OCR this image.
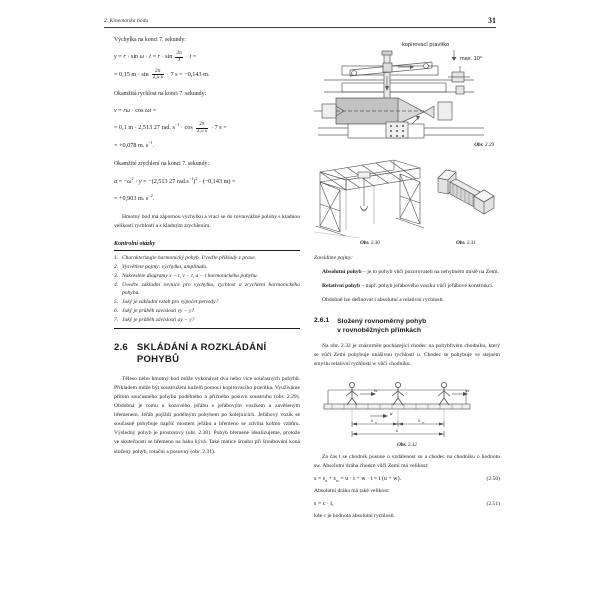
2. Kinematika bodu	31

Výchylka na konci 7. sekundy:

$y = r \cdot \sin \omega \cdot t = r \cdot \sin \frac{2\pi}{T} \cdot t$ =
= 0,15 $m \cdot \sin \frac{2\pi}{2,5 s} \cdot 7$ s = −0,143 m.

Okamžitá rychlost na konci 7. sekundy:

v = rω · cos ωt =
= 0,1 m · 2,513 27 rad. $s^{-1} \cdot \cos \frac{2\pi}{2,5 s} \cdot 7$ s =
= +0,078 m. $s^{-1}$.

Okamžité zrychlení na konci 7. sekundy:

$a = -\omega^2 \cdot y = -(2,513$ 27 $rad.s^{-1})^2 \cdot (-0,143$ m) =
= +0,903 m. $s^{-2}$.

Hmotný bod má zápornou výchylku a vrací se do rovnovážné polohy s kladnou velikostí rychlosti a s kladným zrychlením.

Kontrolní otázky
1. Charakterizujte harmonický pohyb. Uveďte příklady z praxe.
2. Vysvětlete pojmy: výchylka, amplituda.
3. Nakreslete diagramy x − t, v − t, a − t harmonického pohybu.
4. Uveďte základní rovnice pro výchylku, rychlost a zrychlení harmonického pohybu.
5. Jaký je základní vztah pro výpočet periody?
6. Jaký je průběh závislosti vy − y?
7. Jaký je průběh závislosti ay − y?
2.6 SKLÁDÁNÍ A ROZKLÁDÁNÍ POHYBŮ

Těleso nebo hmotný bod může vykonávat dva nebo více současných pohybů. Příkladem může být soustružení kuželů pomocí kopírovacího pravítka. Využíváme přitom současného pohybu podélného a příčného posuvu soustruhu (obr. 2.29). Obdobná je tomu u kozového jeřábu s jeřábovým vozíkem a zavěšeným břemenem. Jeřáb pojíždí podélným pohybem po kolejnicích. Jeřábový vozík se současně pohybuje napříč mostem jeřábu a břemeno se zdvihá kolmo vzhůru. Výsledný pohyb je prostorový (obr. 2.30). Pohyb břemene idealizujeme, protože ve skutečnosti se břemeno na háku kývá. Také matice šroubu při šroubování koná složený pohyb, rotační a posuvný (obr. 2.31).

kopírovací pravítko
max. 10°
Obr. 2.29
Obr. 2.30	Obr. 2.31

Zavádíme pojmy:

Absolutní pohyb – je to pohyb vůči pozorovateli na nehybném místě na Zemi.

Relativní pohyb – např. pohyb jeřábového vozíku vůči jeřábové konstrukci.

Obdobně lze definovat i absolutní a relativní rychlosti.

2.6.1 Složený rovnoměrný pohyb
v rovnoběžných přímkách

Na obr. 2.32 je znázorněn pocházející chodec na pohyblivém chodníku, který se vůči Zemi pohybuje unášivou rychlostí u. Chodec se pohybuje ve stejném smyslu relativní rychlostí w vůči chodníku.

w	w
u
s u	s w
s
Obr. 2.32

Za čas t se chodník posune o vzdálenost su a chodec na chodníku o hodnotu sw. Absolutní dráha chodce vůči Zemi má velikost:

(2.50)
$s = s_u + s_w = u \cdot t + w \cdot t = t$ (u + w).

Absolutní dráha má také velikost:

(2.51)
s = c · t,

kde c je hodnota absolutní rychlosti.
